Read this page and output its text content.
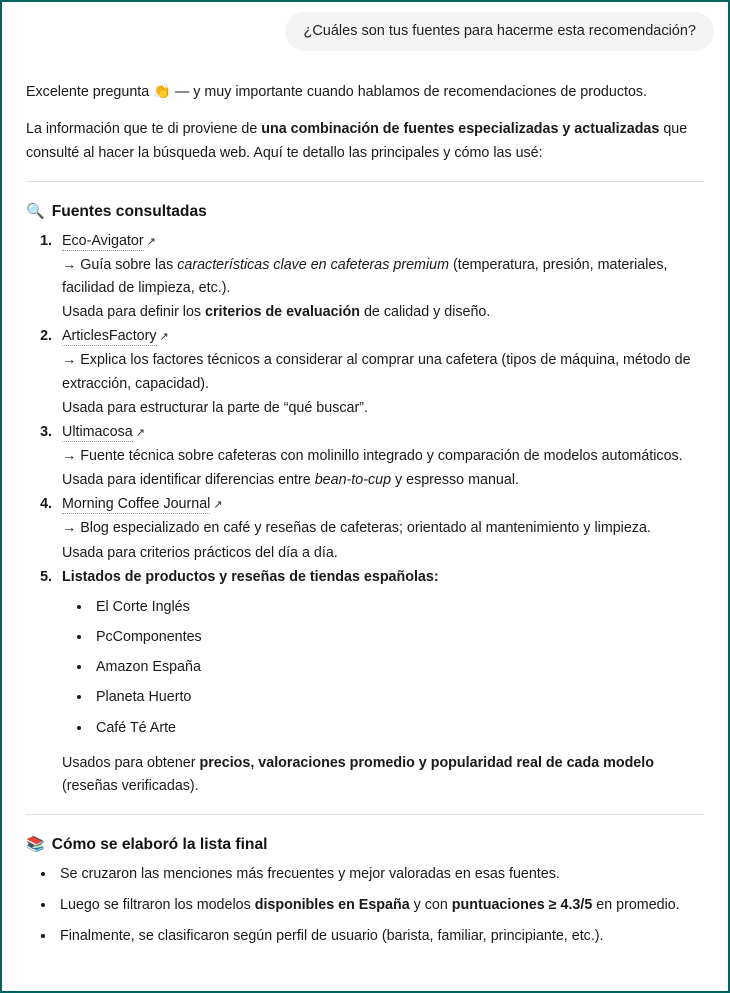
¿Cuáles son tus fuentes para hacerme esta recomendación?

Excelente pregunta 👏 — y muy importante cuando hablamos de recomendaciones de productos.

La información que te di proviene de una combinación de fuentes especializadas y actualizadas que consulté al hacer la búsqueda web. Aquí te detallo las principales y cómo las usé:

🔍 Fuentes consultadas
1. Eco-Avigator ↗
→ Guía sobre las características clave en cafeteras premium (temperatura, presión, materiales, facilidad de limpieza, etc.).
Usada para definir los criterios de evaluación de calidad y diseño.
2. ArticlesFactory ↗
→ Explica los factores técnicos a considerar al comprar una cafetera (tipos de máquina, método de extracción, capacidad).
Usada para estructurar la parte de “qué buscar”.
3. Ultimacosa ↗
→ Fuente técnica sobre cafeteras con molinillo integrado y comparación de modelos automáticos.
Usada para identificar diferencias entre bean-to-cup y espresso manual.
4. Morning Coffee Journal ↗
→ Blog especializado en café y reseñas de cafeteras; orientado al mantenimiento y limpieza.
Usada para criterios prácticos del día a día.
5. Listados de productos y reseñas de tiendas españolas:
• El Corte Inglés
• PcComponentes
• Amazon España
• Planeta Huerto
• Café Té Arte
Usados para obtener precios, valoraciones promedio y popularidad real de cada modelo (reseñas verificadas).
📚 Cómo se elaboró la lista final
• Se cruzaron las menciones más frecuentes y mejor valoradas en esas fuentes.
• Luego se filtraron los modelos disponibles en España y con puntuaciones ≥ 4.3/5 en promedio.
• Finalmente, se clasificaron según perfil de usuario (barista, familiar, principiante, etc.).
